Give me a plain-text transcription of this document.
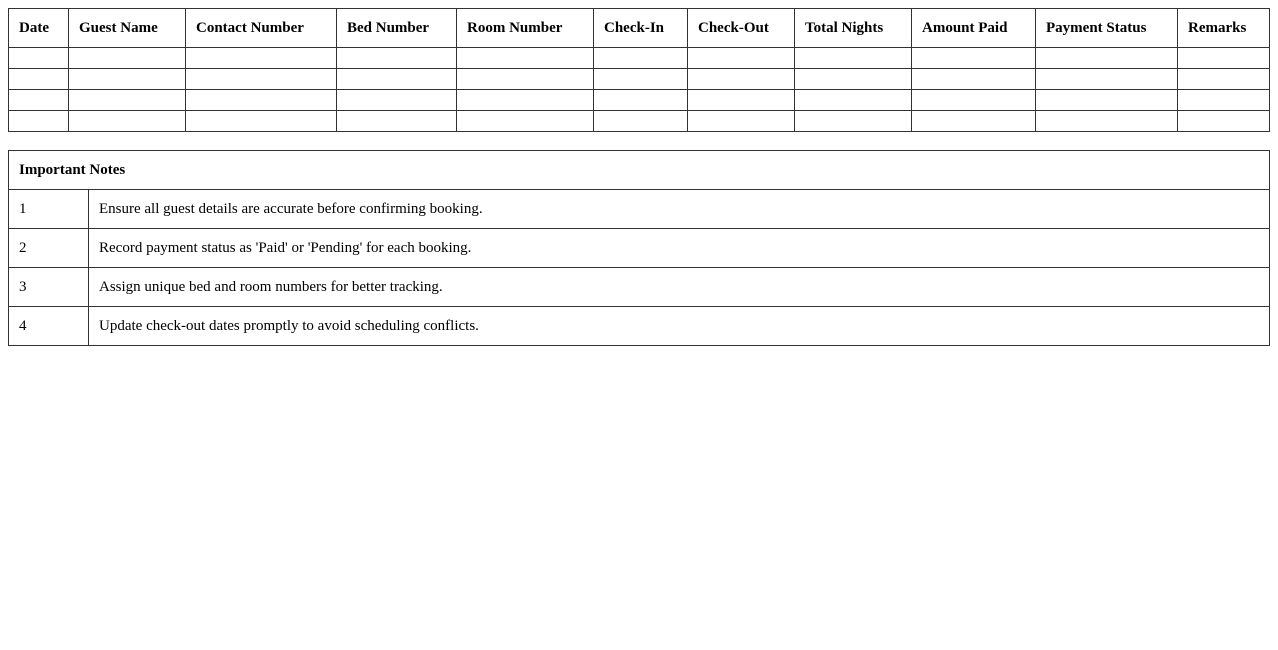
Date	Guest Name	Contact Number	Bed Number	Room Number	Check-In	Check-Out	Total Nights	Amount Paid	Payment Status	Remarks

Important Notes	
1	Ensure all guest details are accurate before confirming booking.
2	Record payment status as 'Paid' or 'Pending' for each booking.
3	Assign unique bed and room numbers for better tracking.
4	Update check-out dates promptly to avoid scheduling conflicts.
